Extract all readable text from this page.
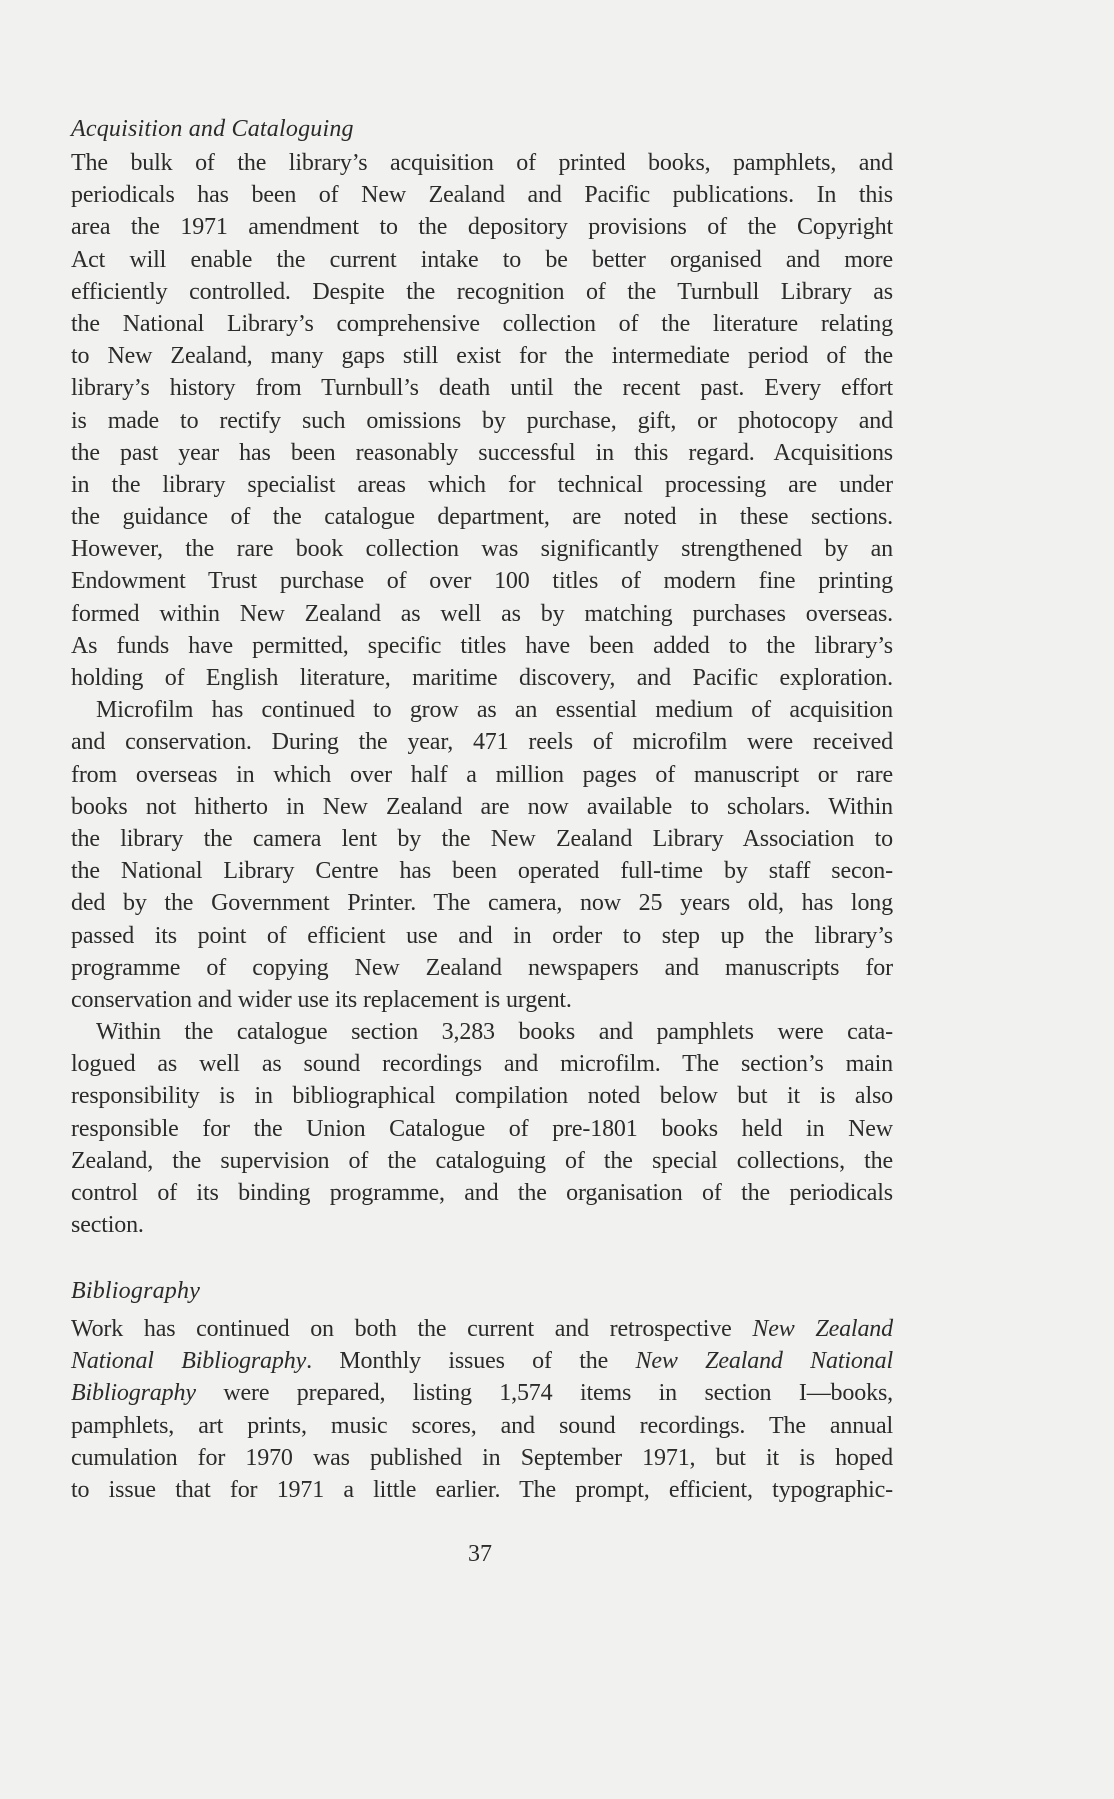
Acquisition and Cataloguing
The bulk of the library’s acquisition of printed books, pamphlets, and
periodicals has been of New Zealand and Pacific publications. In this
area the 1971 amendment to the depository provisions of the Copyright
Act will enable the current intake to be better organised and more
efficiently controlled. Despite the recognition of the Turnbull Library as
the National Library’s comprehensive collection of the literature relating
to New Zealand, many gaps still exist for the intermediate period of the
library’s history from Turnbull’s death until the recent past. Every effort
is made to rectify such omissions by purchase, gift, or photocopy and
the past year has been reasonably successful in this regard. Acquisitions
in the library specialist areas which for technical processing are under
the guidance of the catalogue department, are noted in these sections.
However, the rare book collection was significantly strengthened by an
Endowment Trust purchase of over 100 titles of modern fine printing
formed within New Zealand as well as by matching purchases overseas.
As funds have permitted, specific titles have been added to the library’s
holding of English literature, maritime discovery, and Pacific exploration.
Microfilm has continued to grow as an essential medium of acquisition
and conservation. During the year, 471 reels of microfilm were received
from overseas in which over half a million pages of manuscript or rare
books not hitherto in New Zealand are now available to scholars. Within
the library the camera lent by the New Zealand Library Association to
the National Library Centre has been operated full-time by staff secon-
ded by the Government Printer. The camera, now 25 years old, has long
passed its point of efficient use and in order to step up the library’s
programme of copying New Zealand newspapers and manuscripts for
conservation and wider use its replacement is urgent.
Within the catalogue section 3,283 books and pamphlets were cata-
logued as well as sound recordings and microfilm. The section’s main
responsibility is in bibliographical compilation noted below but it is also
responsible for the Union Catalogue of pre-1801 books held in New
Zealand, the supervision of the cataloguing of the special collections, the
control of its binding programme, and the organisation of the periodicals
section.
Bibliography
Work has continued on both the current and retrospective New Zealand
National Bibliography. Monthly issues of the New Zealand National
Bibliography were prepared, listing 1,574 items in section I—books,
pamphlets, art prints, music scores, and sound recordings. The annual
cumulation for 1970 was published in September 1971, but it is hoped
to issue that for 1971 a little earlier. The prompt, efficient, typographic-
37
